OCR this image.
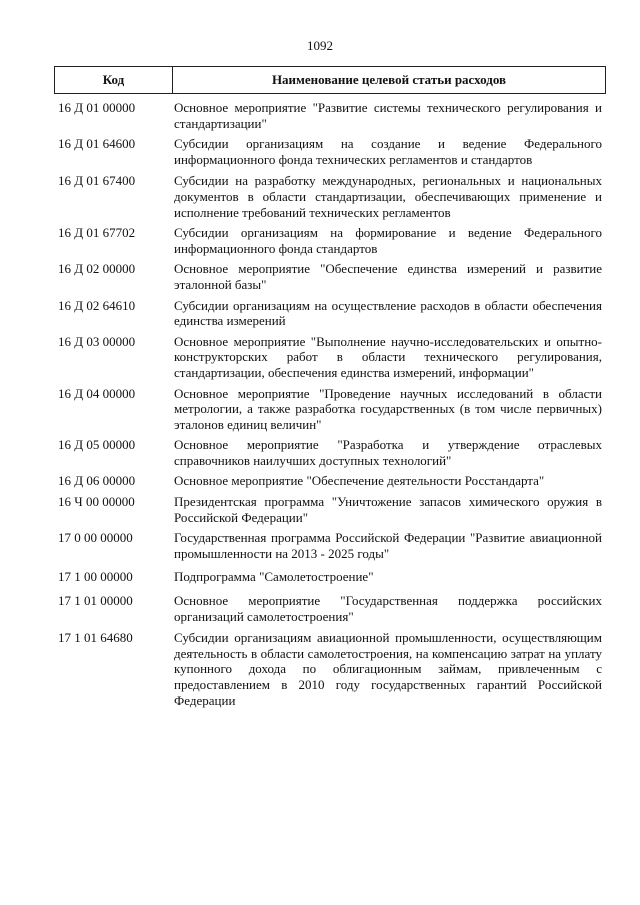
1092
Код	Наименование целевой статьи расходов
16 Д 01 00000	Основное мероприятие "Развитие системы технического регулирования и стандартизации"
16 Д 01 64600	Субсидии организациям на создание и ведение Федерального информационного фонда технических регламентов и стандартов
16 Д 01 67400	Субсидии на разработку международных, региональных и национальных документов в области стандартизации, обеспечивающих применение и исполнение требований технических регламентов
16 Д 01 67702	Субсидии организациям на формирование и ведение Федерального информационного фонда стандартов
16 Д 02 00000	Основное мероприятие "Обеспечение единства измерений и развитие эталонной базы"
16 Д 02 64610	Субсидии организациям на осуществление расходов в области обеспечения единства измерений
16 Д 03 00000	Основное мероприятие "Выполнение научно-исследовательских и опытно-конструкторских работ в области технического регулирования, стандартизации, обеспечения единства измерений, информации"
16 Д 04 00000	Основное мероприятие "Проведение научных исследований в области метрологии, а также разработка государственных (в том числе первичных) эталонов единиц величин"
16 Д 05 00000	Основное мероприятие "Разработка и утверждение отраслевых справочников наилучших доступных технологий"
16 Д 06 00000	Основное мероприятие "Обеспечение деятельности Росстандарта"
16 Ч 00 00000	Президентская программа "Уничтожение запасов химического оружия в Российской Федерации"
17 0 00 00000	Государственная программа Российской Федерации "Развитие авиационной промышленности на 2013 - 2025 годы"
17 1 00 00000	Подпрограмма "Самолетостроение"
17 1 01 00000	Основное мероприятие "Государственная поддержка российских организаций самолетостроения"
17 1 01 64680	Субсидии организациям авиационной промышленности, осуществляющим деятельность в области самолетостроения, на компенсацию затрат на уплату купонного дохода по облигационным займам, привлеченным с предоставлением в 2010 году государственных гарантий Российской Федерации
